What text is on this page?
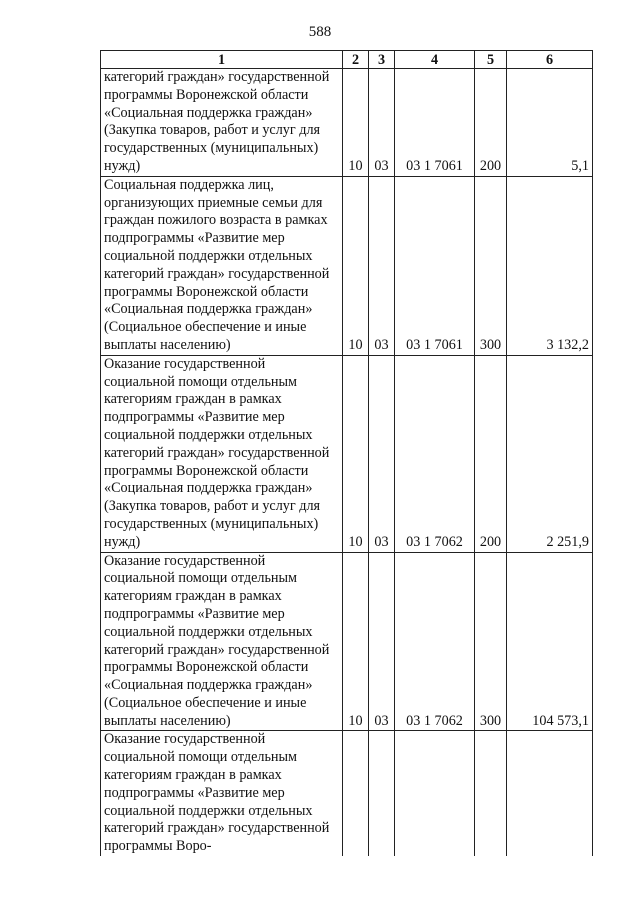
588
1	2	3	4	5	6
категорий граждан» государственной программы Воронежской области «Социальная поддержка граждан» (Закупка товаров, работ и услуг для государственных (муниципальных) нужд)	10	03	03 1 7061	200	5,1
Социальная поддержка лиц, организующих приемные семьи для граждан пожилого возраста в рамках подпрограммы «Развитие мер социальной поддержки отдельных категорий граждан» государственной программы Воронежской области «Социальная поддержка граждан» (Социальное обеспечение и иные выплаты населению)	10	03	03 1 7061	300	3 132,2
Оказание государственной социальной помощи отдельным категориям граждан в рамках подпрограммы «Развитие мер социальной поддержки отдельных категорий граждан» государственной программы Воронежской области «Социальная поддержка граждан» (Закупка товаров, работ и услуг для государственных (муниципальных) нужд)	10	03	03 1 7062	200	2 251,9
Оказание государственной социальной помощи отдельным категориям граждан в рамках подпрограммы «Развитие мер социальной поддержки отдельных категорий граждан» государственной программы Воронежской области «Социальная поддержка граждан» (Социальное обеспечение и иные выплаты населению)	10	03	03 1 7062	300	104 573,1
Оказание государственной социальной помощи отдельным категориям граждан в рамках подпрограммы «Развитие мер социальной поддержки отдельных категорий граждан» государственной программы Воро-					
